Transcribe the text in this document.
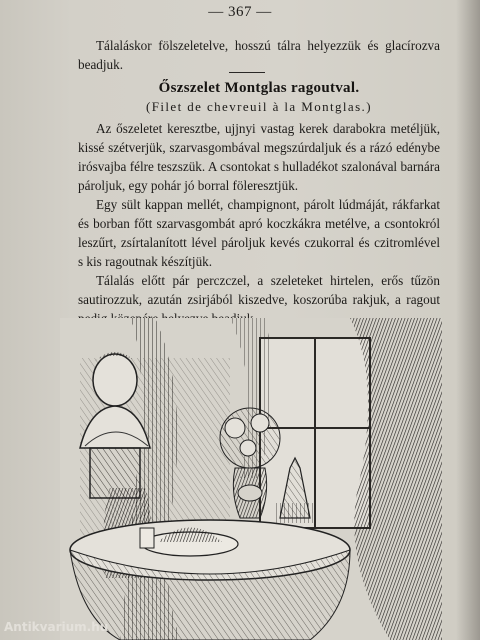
— 367 —
Tálaláskor fölszeletelve, hosszú tálra helyezzük és glacírozva beadjuk.
Őszszelet Montglas ragoutval.
(Filet de chevreuil à la Montglas.)

Az őszeletet keresztbe, ujjnyi vastag kerek darabokra metéljük, kissé szétverjük, szarvasgombával megszúrdaljuk és a rázó edénybe irósvajba félre teszszük. A csontokat s hulladékot szalonával barnára pároljuk, egy pohár jó borral föleresztjük.

Egy sült kappan mellét, champignont, párolt lúdmáját, rákfarkat és borban főtt szarvasgombát apró koczkákra metélve, a csontokról leszűrt, zsírtalanított lével pároljuk kevés czukorral és czitromlével s kis ragoutnak készítjük.

Tálalás előtt pár perczczel, a szeleteket hirtelen, erős tűzön sautirozzuk, azután zsirjából kiszedve, koszorúba rakjuk, a ragout

Antikvarium.hu
